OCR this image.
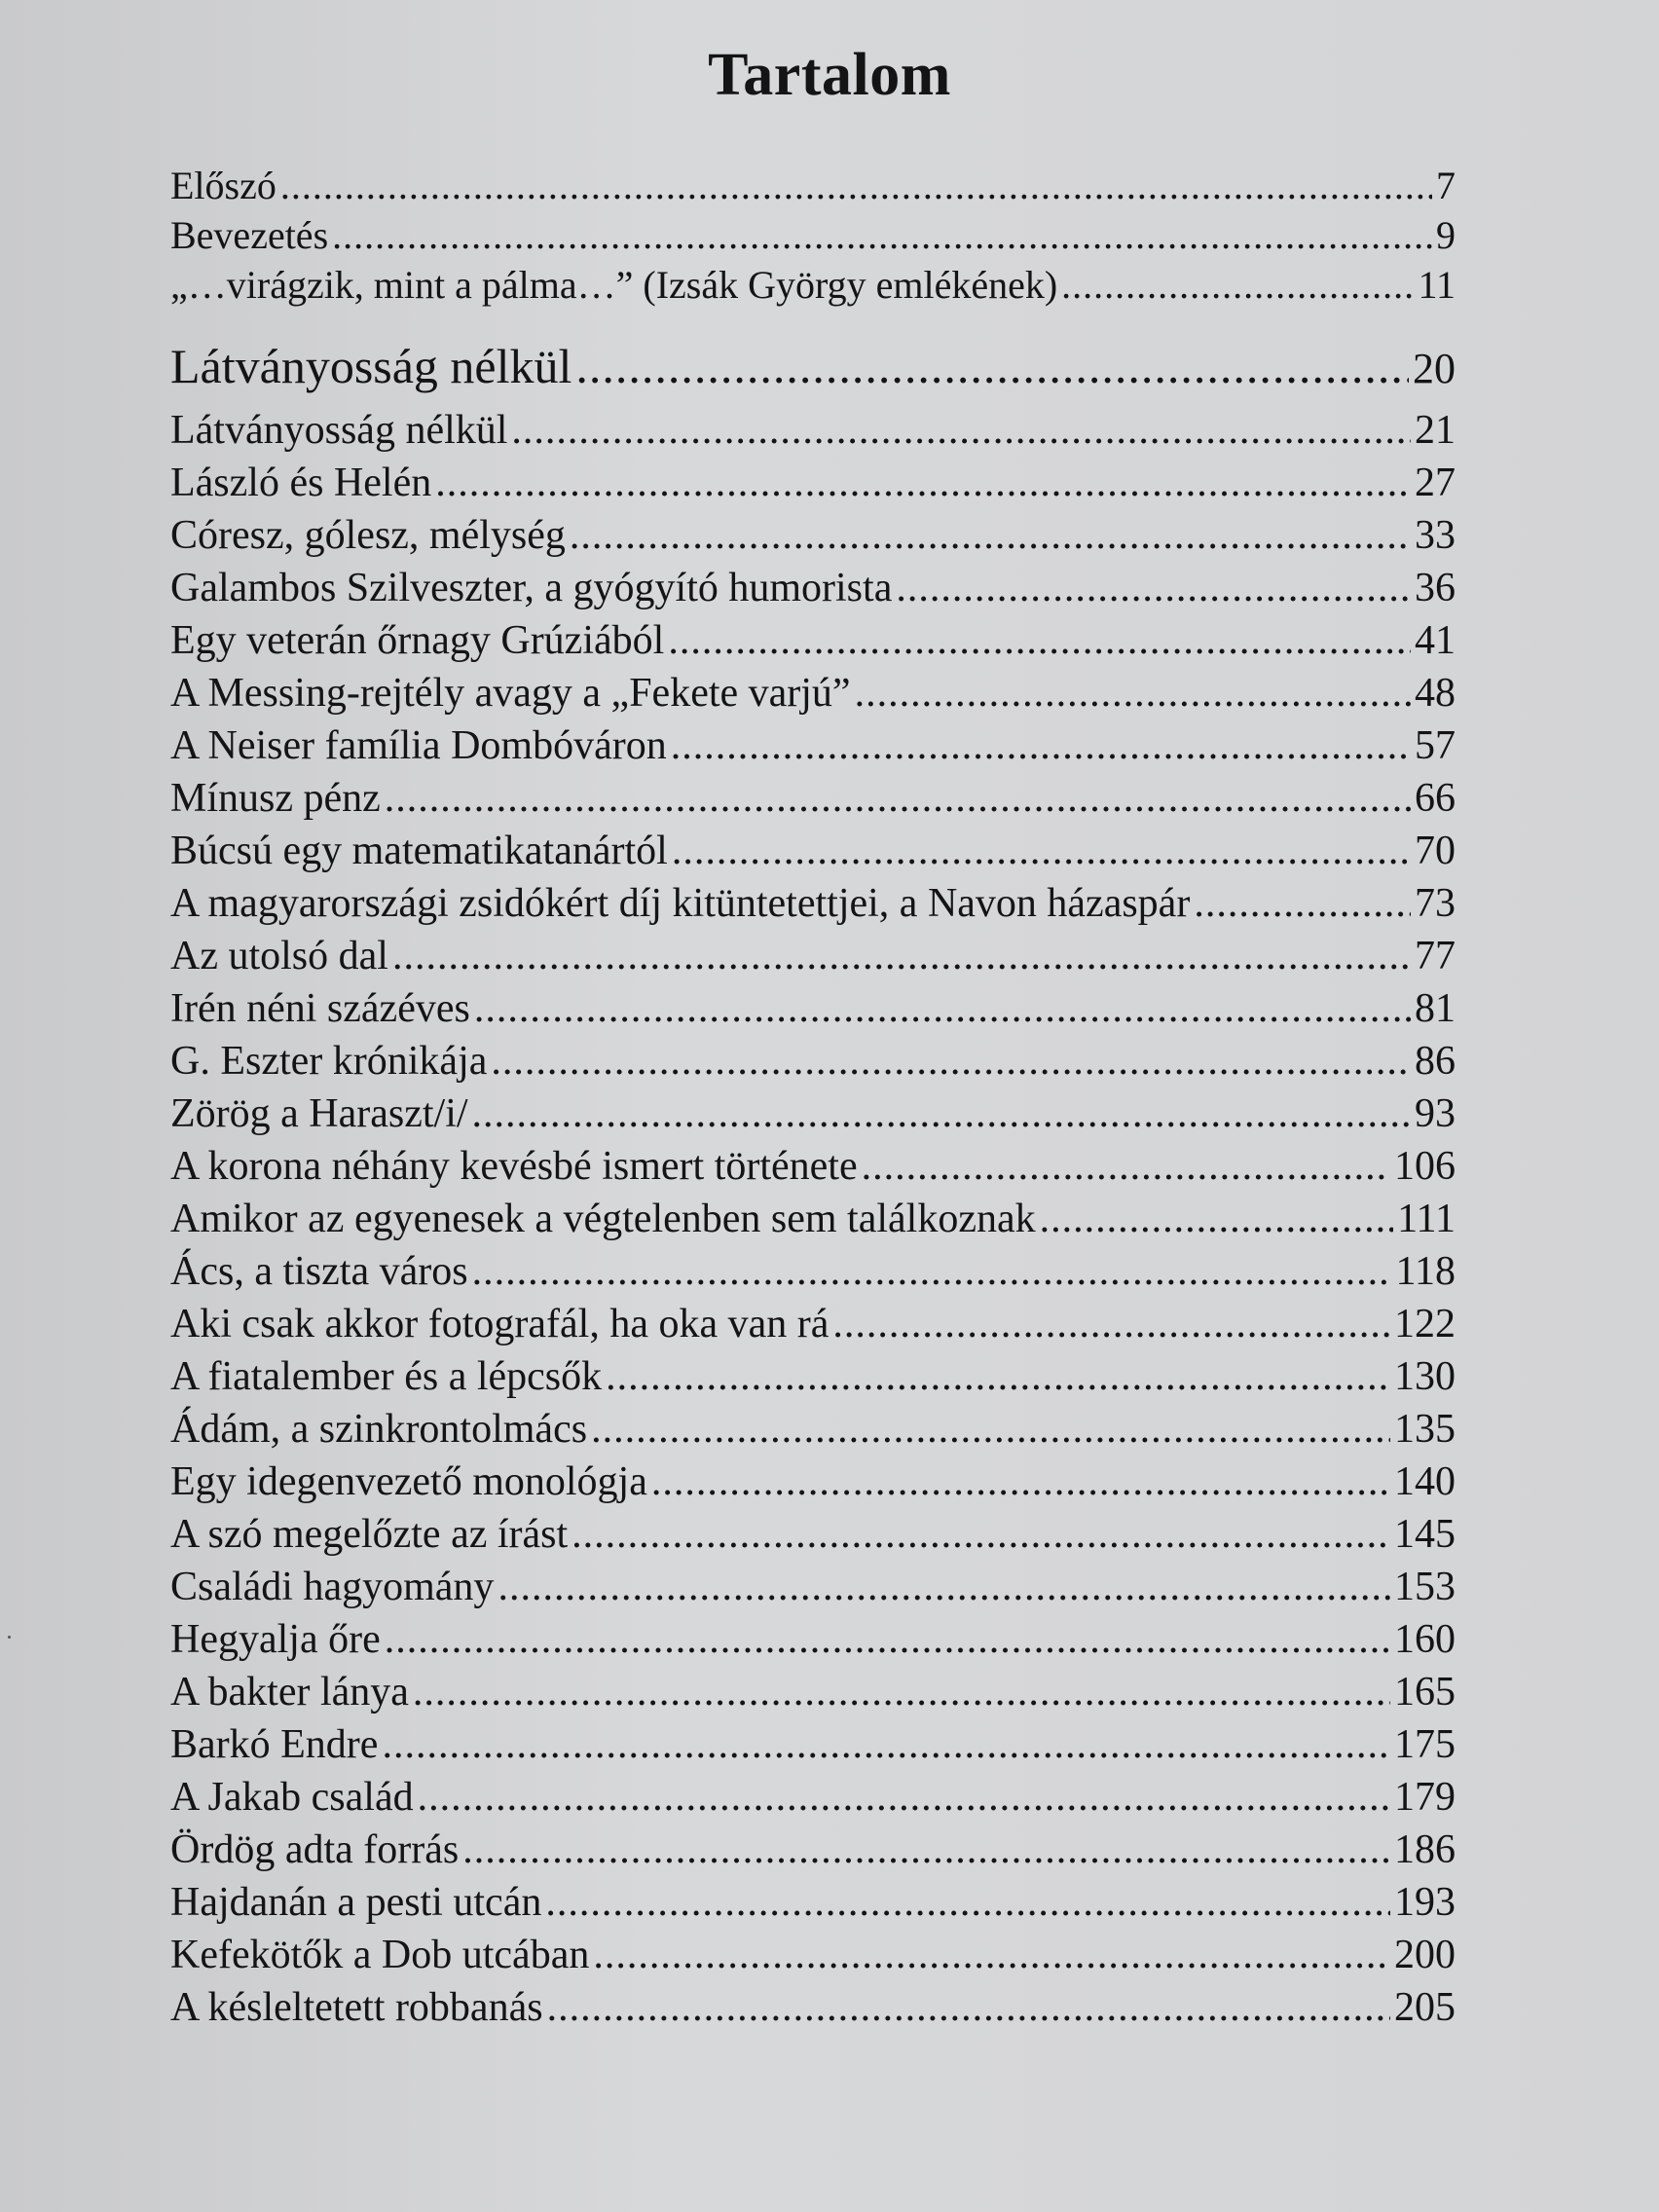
Tartalom
Előszó .....	7
Bevezetés .....	9
„…virágzik, mint a pálma…” (Izsák György emlékének) .....	11
Látványosság nélkül .....	20
Látványosság nélkül .....	21
László és Helén .....	27
Córesz, gólesz, mélység .....	33
Galambos Szilveszter, a gyógyító humorista .....	36
Egy veterán őrnagy Grúziából .....	41
A Messing-rejtély avagy a „Fekete varjú” .....	48
A Neiser família Dombóváron .....	57
Mínusz pénz .....	66
Búcsú egy matematikatanártól .....	70
A magyarországi zsidókért díj kitüntetettjei, a Navon házaspár .....	73
Az utolsó dal .....	77
Irén néni százéves .....	81
G. Eszter krónikája .....	86
Zörög a Haraszt/i/ .....	93
A korona néhány kevésbé ismert története .....	106
Amikor az egyenesek a végtelenben sem találkoznak .....	111
Ács, a tiszta város .....	118
Aki csak akkor fotografál, ha oka van rá .....	122
A fiatalember és a lépcsők .....	130
Ádám, a szinkrontolmács .....	135
Egy idegenvezető monológja .....	140
A szó megelőzte az írást .....	145
Családi hagyomány .....	153
Hegyalja őre .....	160
A bakter lánya .....	165
Barkó Endre .....	175
A Jakab család .....	179
Ördög adta forrás .....	186
Hajdanán a pesti utcán .....	193
Kefekötők a Dob utcában .....	200
A késleltetett robbanás .....	205
